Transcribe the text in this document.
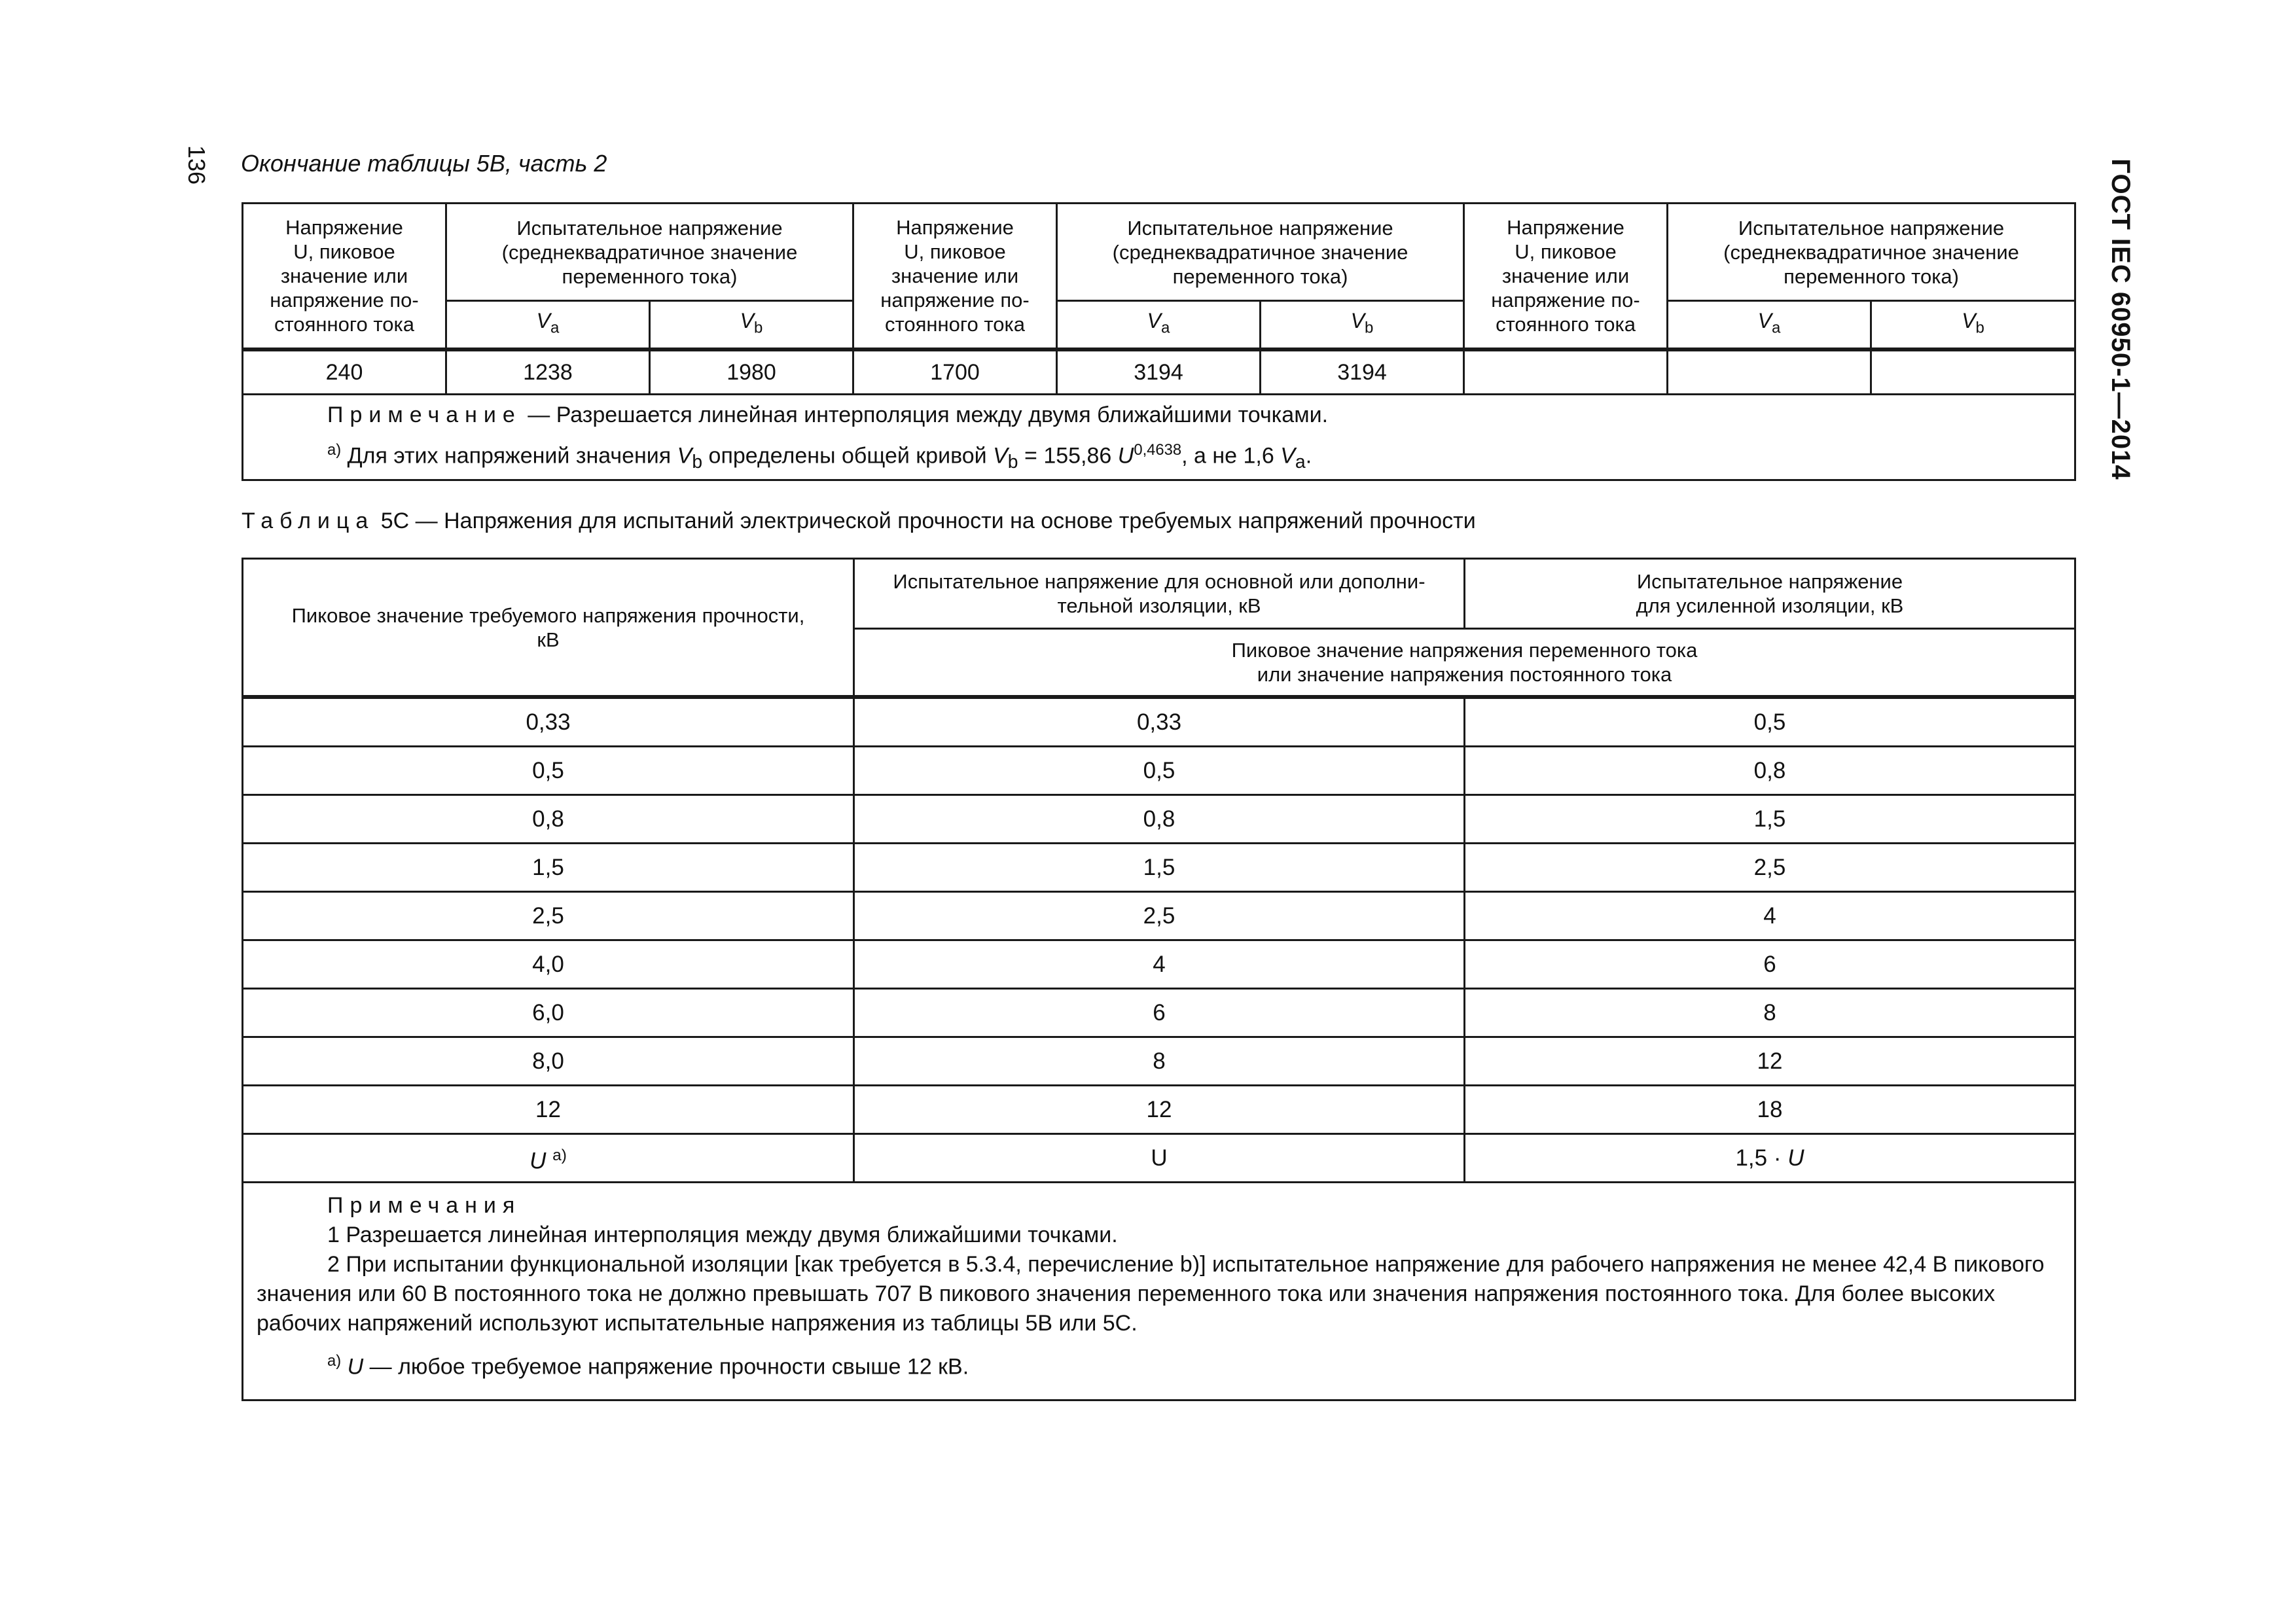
136	ГОСТ IEC 60950-1—2014
Окончание таблицы 5В, часть 2
Напряжение
U, пиковое
значение или
напряжение по-
стоянного тока	Испытательное напряжение
(среднеквадратичное значение
переменного тока)		Напряжение
U, пиковое
значение или
напряжение по-
стоянного тока	Испытательное напряжение
(среднеквадратичное значение
переменного тока)		Напряжение
U, пиковое
значение или
напряжение по-
стоянного тока	Испытательное напряжение
(среднеквадратичное значение
переменного тока)	
	$V_a$	$V_b$		$V_a$	$V_b$		$V_a$	$V_b$
240	1238	1980	1700	3194	3194			

Примечание — Разрешается линейная интерполяция между двумя ближайшими точками.
$^{a)}$ Для этих напряжений значения $V_b$ определены общей кривой $V_b = 155,86$ $U^{0,4638}$, а не 1,6 $V_a$.								
Таблица 5С — Напряжения для испытаний электрической прочности на основе требуемых напряжений прочности
Пиковое значение требуемого напряжения прочности,
кВ	Испытательное напряжение для основной или дополни-
тельной изоляции, кВ	Испытательное напряжение
для усиленной изоляции, кВ
	Пиковое значение напряжения переменного тока
или значение напряжения постоянного тока	
0,33	0,33	0,5
0,5	0,5	0,8
0,8	0,8	1,5
1,5	1,5	2,5
2,5	2,5	4
4,0	4	6
6,0	6	8
8,0	8	12
12	12	18
U $^{a)}$	U	1,5 · U

Примечания
1 Разрешается линейная интерполяция между двумя ближайшими точками.
2 При испытании функциональной изоляции [как требуется в 5.3.4, перечисление b)] испытательное напряжение для рабочего напряжения не менее 42,4 В пикового значения или 60 В постоянного тока не должно превышать 707 В пикового значения переменного тока или значения напряжения постоянного тока. Для более высоких рабочих напряжений используют испытательные напряжения из таблицы 5В или 5С.
$^{a)}$ U — любое требуемое напряжение прочности свыше 12 кВ.		
